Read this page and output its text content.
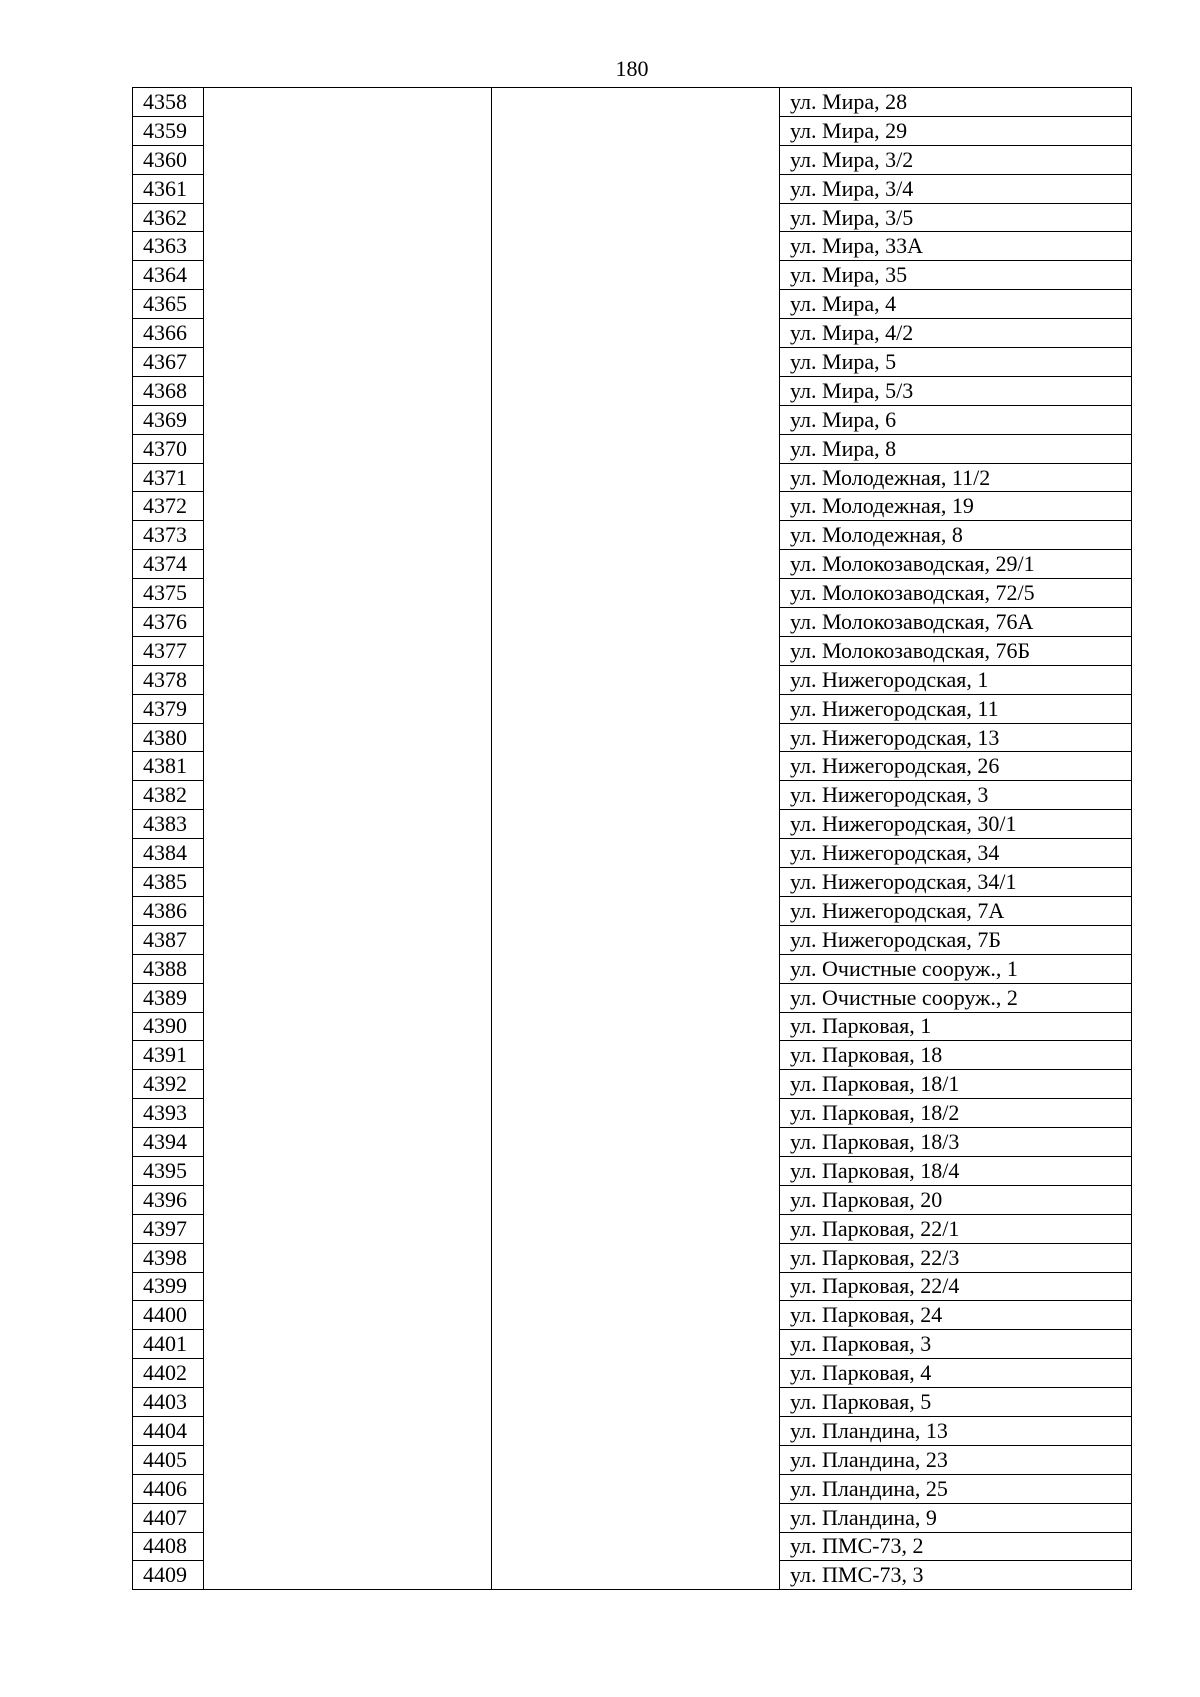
180
4358			ул. Мира, 28
4359			ул. Мира, 29
4360			ул. Мира, 3/2
4361			ул. Мира, 3/4
4362			ул. Мира, 3/5
4363			ул. Мира, 33А
4364			ул. Мира, 35
4365			ул. Мира, 4
4366			ул. Мира, 4/2
4367			ул. Мира, 5
4368			ул. Мира, 5/3
4369			ул. Мира, 6
4370			ул. Мира, 8
4371			ул. Молодежная, 11/2
4372			ул. Молодежная, 19
4373			ул. Молодежная, 8
4374			ул. Молокозаводская, 29/1
4375			ул. Молокозаводская, 72/5
4376			ул. Молокозаводская, 76А
4377			ул. Молокозаводская, 76Б
4378			ул. Нижегородская, 1
4379			ул. Нижегородская, 11
4380			ул. Нижегородская, 13
4381			ул. Нижегородская, 26
4382			ул. Нижегородская, 3
4383			ул. Нижегородская, 30/1
4384			ул. Нижегородская, 34
4385			ул. Нижегородская, 34/1
4386			ул. Нижегородская, 7А
4387			ул. Нижегородская, 7Б
4388			ул. Очистные сооруж., 1
4389			ул. Очистные сооруж., 2
4390			ул. Парковая, 1
4391			ул. Парковая, 18
4392			ул. Парковая, 18/1
4393			ул. Парковая, 18/2
4394			ул. Парковая, 18/3
4395			ул. Парковая, 18/4
4396			ул. Парковая, 20
4397			ул. Парковая, 22/1
4398			ул. Парковая, 22/3
4399			ул. Парковая, 22/4
4400			ул. Парковая, 24
4401			ул. Парковая, 3
4402			ул. Парковая, 4
4403			ул. Парковая, 5
4404			ул. Пландина, 13
4405			ул. Пландина, 23
4406			ул. Пландина, 25
4407			ул. Пландина, 9
4408			ул. ПМС-73, 2
4409			ул. ПМС-73, 3
